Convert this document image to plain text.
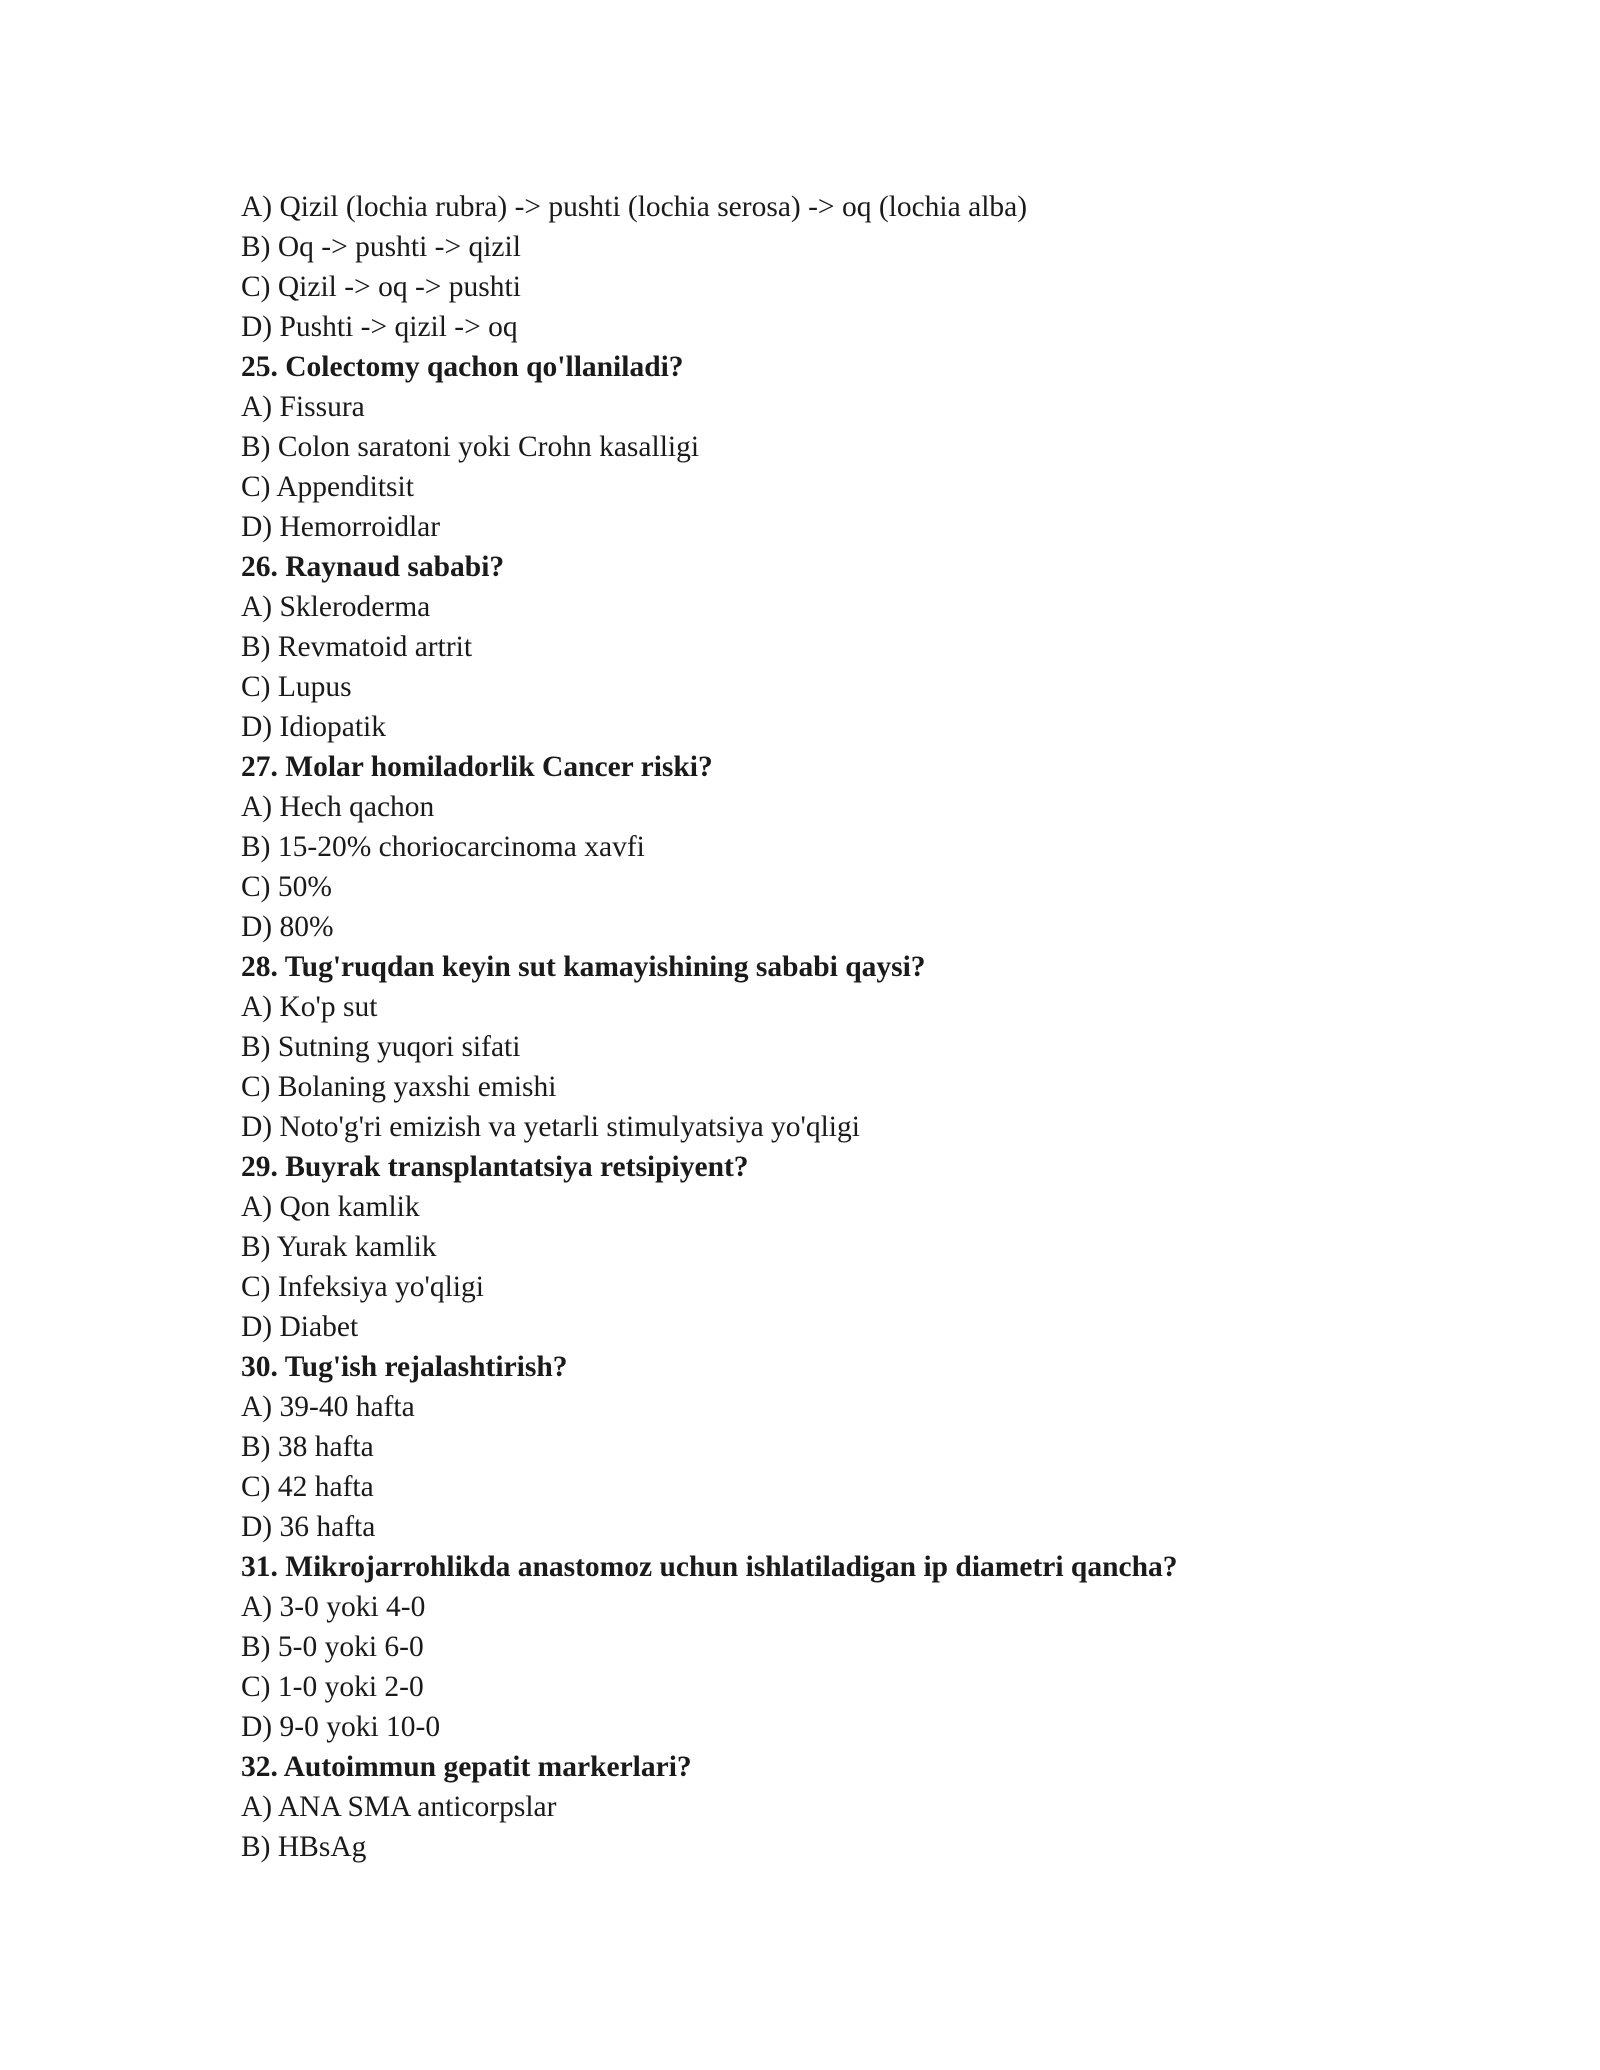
A) Qizil (lochia rubra) -> pushti (lochia serosa) -> oq (lochia alba)
B) Oq -> pushti -> qizil
C) Qizil -> oq -> pushti
D) Pushti -> qizil -> oq
25. Colectomy qachon qo'llaniladi?
A) Fissura
B) Colon saratoni yoki Crohn kasalligi
C) Appenditsit
D) Hemorroidlar
26. Raynaud sababi?
A) Skleroderma
B) Revmatoid artrit
C) Lupus
D) Idiopatik
27. Molar homiladorlik Cancer riski?
A) Hech qachon
B) 15-20% choriocarcinoma xavfi
C) 50%
D) 80%
28. Tug'ruqdan keyin sut kamayishining sababi qaysi?
A) Ko'p sut
B) Sutning yuqori sifati
C) Bolaning yaxshi emishi
D) Noto'g'ri emizish va yetarli stimulyatsiya yo'qligi
29. Buyrak transplantatsiya retsipiyent?
A) Qon kamlik
B) Yurak kamlik
C) Infeksiya yo'qligi
D) Diabet
30. Tug'ish rejalashtirish?
A) 39-40 hafta
B) 38 hafta
C) 42 hafta
D) 36 hafta
31. Mikrojarrohlikda anastomoz uchun ishlatiladigan ip diametri qancha?
A) 3-0 yoki 4-0
B) 5-0 yoki 6-0
C) 1-0 yoki 2-0
D) 9-0 yoki 10-0
32. Autoimmun gepatit markerlari?
A) ANA SMA anticorpslar
B) HBsAg
